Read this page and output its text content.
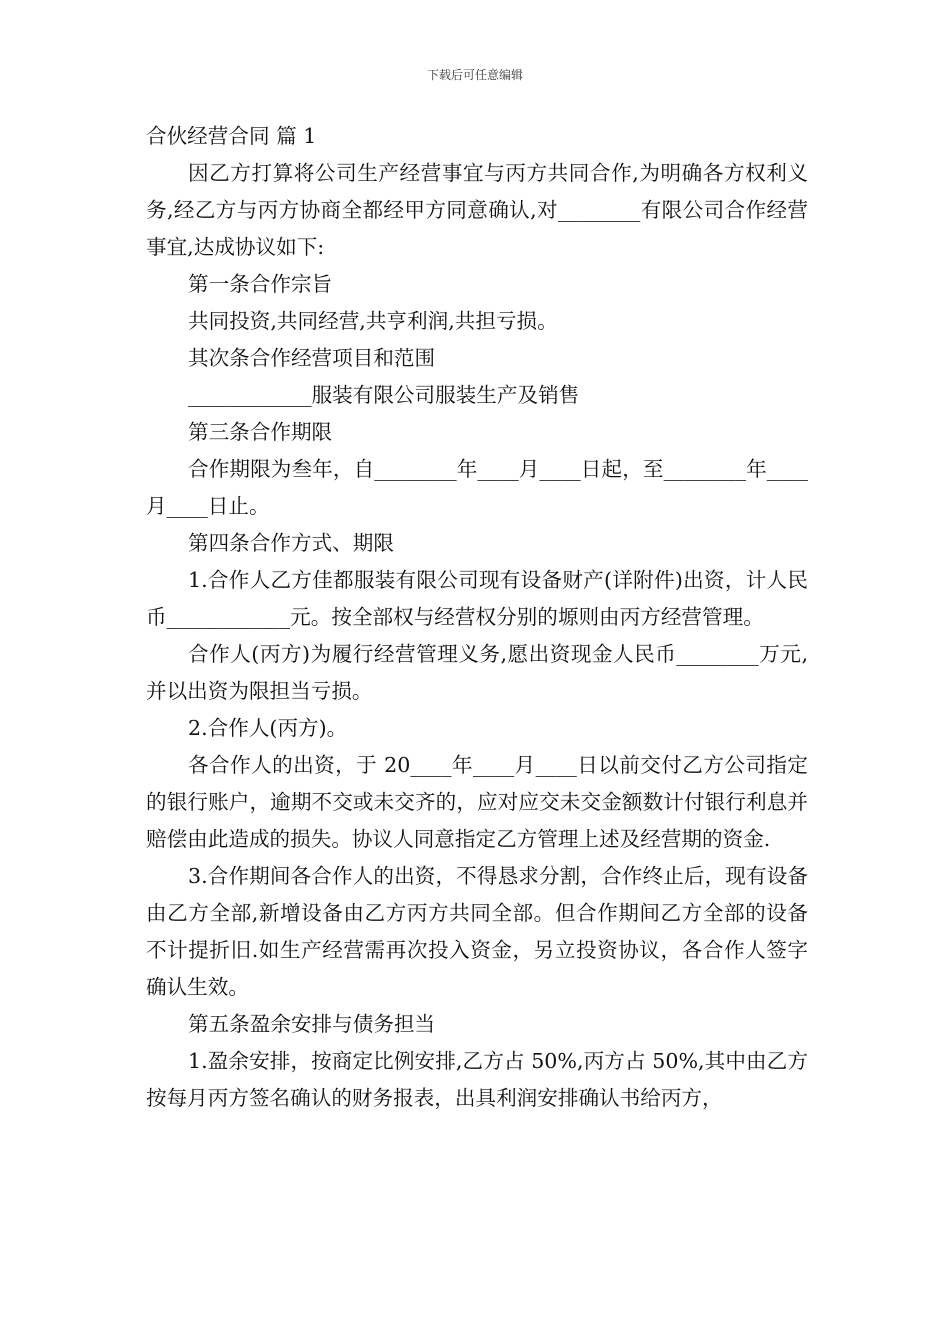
下载后可任意编辑

合伙经营合同 篇 1

因乙方打算将公司生产经营事宜与丙方共同合作,为明确各方权利义务,经乙方与丙方协商全都经甲方同意确认,对________有限公司合作经营事宜,达成协议如下:

第一条合作宗旨

共同投资,共同经营,共亨利润,共担亏损。

其次条合作经营项目和范围

____________服装有限公司服装生产及销售

第三条合作期限

合作期限为叁年，自________年____月____日起，至________年____月____日止。

第四条合作方式、期限

1.合作人乙方佳都服装有限公司现有设备财产(详附件)出资，计人民币____________元。按全部权与经营权分别的塬则由丙方经营管理。

合作人(丙方)为履行经营管理义务,愿出资现金人民币________万元,并以出资为限担当亏损。

2.合作人(丙方)。

各合作人的出资，于 20____年____月____日以前交付乙方公司指定的银行账户，逾期不交或未交齐的，应对应交未交金额数计付银行利息并赔偿由此造成的损失。协议人同意指定乙方管理上述及经营期的资金.

3.合作期间各合作人的出资，不得恳求分割，合作终止后，现有设备由乙方全部,新增设备由乙方丙方共同全部。但合作期间乙方全部的设备不计提折旧.如生产经营需再次投入资金，另立投资协议，各合作人签字确认生效。

第五条盈余安排与债务担当

1.盈余安排，按商定比例安排,乙方占 50%,丙方占 50%,其中由乙方按每月丙方签名确认的财务报表，出具利润安排确认书给丙方，
